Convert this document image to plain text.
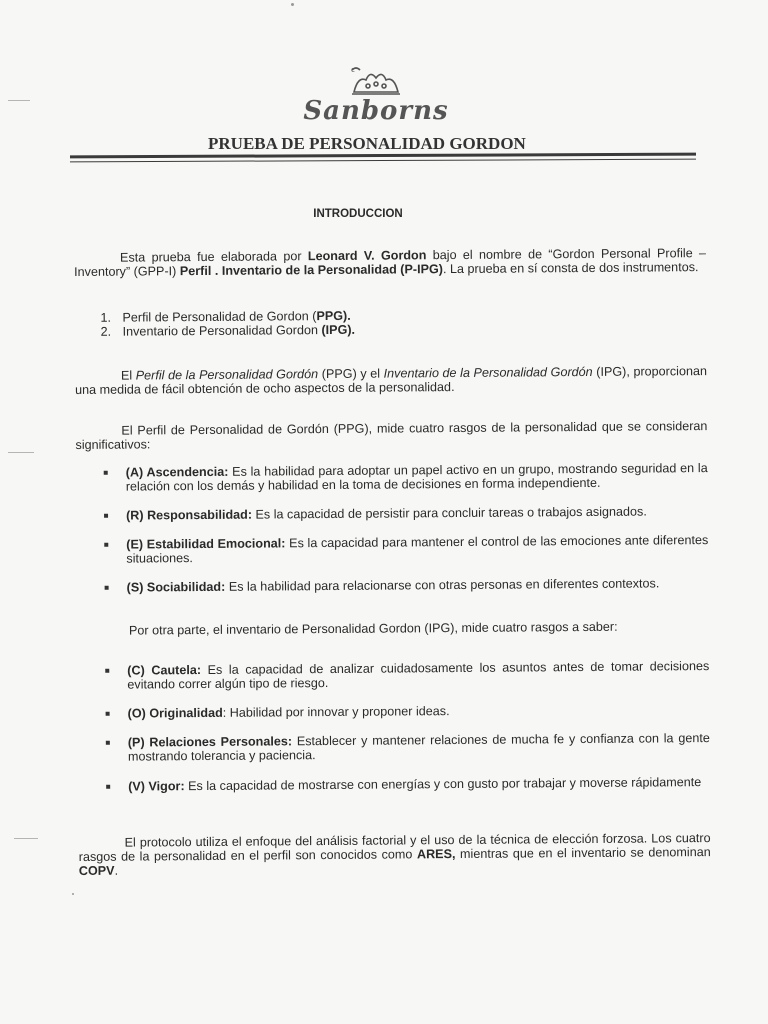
c
Sanborns
PRUEBA DE PERSONALIDAD GORDON
INTRODUCCION
Esta prueba fue elaborada por Leonard V. Gordon bajo el nombre de “Gordon Personal Profile – Inventory” (GPP-I) Perfil . Inventario de la Personalidad (P-IPG). La prueba en sí consta de dos instrumentos.
1. Perfil de Personalidad de Gordon (PPG).
2. Inventario de Personalidad Gordon (IPG).
El Perfil de la Personalidad Gordón (PPG) y el Inventario de la Personalidad Gordón (IPG), proporcionan una medida de fácil obtención de ocho aspectos de la personalidad.
El Perfil de Personalidad de Gordón (PPG), mide cuatro rasgos de la personalidad que se consideran significativos:
(A) Ascendencia: Es la habilidad para adoptar un papel activo en un grupo, mostrando seguridad en la relación con los demás y habilidad en la toma de decisiones en forma independiente.
(R) Responsabilidad: Es la capacidad de persistir para concluir tareas o trabajos asignados.
(E) Estabilidad Emocional: Es la capacidad para mantener el control de las emociones ante diferentes situaciones.
(S) Sociabilidad: Es la habilidad para relacionarse con otras personas en diferentes contextos.
Por otra parte, el inventario de Personalidad Gordon (IPG), mide cuatro rasgos a saber:
(C) Cautela: Es la capacidad de analizar cuidadosamente los asuntos antes de tomar decisiones evitando correr algún tipo de riesgo.
(O) Originalidad: Habilidad por innovar y proponer ideas.
(P) Relaciones Personales: Establecer y mantener relaciones de mucha fe y confianza con la gente mostrando tolerancia y paciencia.
(V) Vigor: Es la capacidad de mostrarse con energías y con gusto por trabajar y moverse rápidamente
El protocolo utiliza el enfoque del análisis factorial y el uso de la técnica de elección forzosa. Los cuatro rasgos de la personalidad en el perfil son conocidos como ARES, mientras que en el inventario se denominan COPV.
